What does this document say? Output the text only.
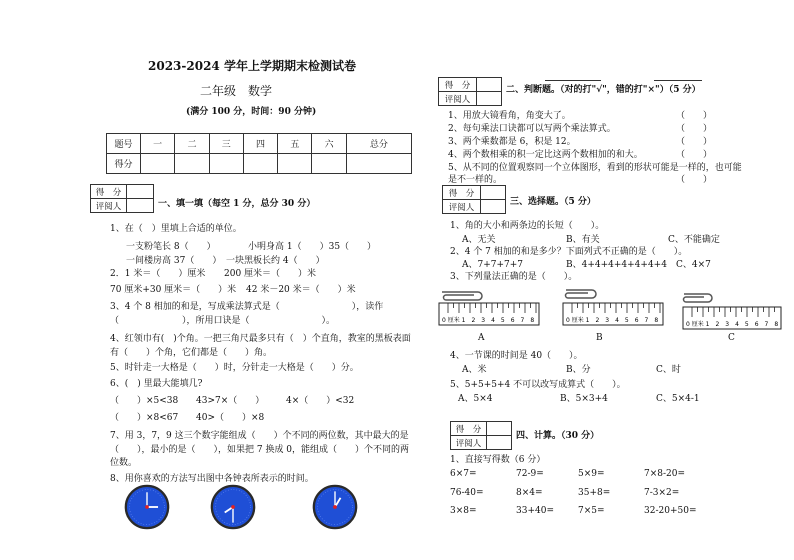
2023-2024 学年上学期期末检测试卷
二年级　数学
(满分 100 分，时间：90 分钟)
题号	一	二	三	四	五	六	总分
得分							
得　分	
评阅人		一、填一填（每空 1 分，总分 30 分）
1、在（　）里填上合适的单位。
一支粉笔长 8（　　）	小明身高 1（　　）35（　　）
一间楼房高 37（　　） 一块黑板长约 4（　　）
2．1 米＝（　　）厘米 200 厘米＝（　　）米
70 厘米+30 厘米＝（　　）米 42 米－20 米＝（　　）米
3、4 个 8 相加的和是，写成乘法算式是（　　　　　　　　），读作
（　　　　　　　），所用口诀是（　　　　　　　　）。
4、红领巾有(　)个角。一把三角尺最多只有（　）个直角，教室的黑板表面
有（　　）个角，它们都是（　　）角。
5、时针走一大格是（　　）时，分针走一大格是（　　）分。
6、(　) 里最大能填几?
（　　）×5<38 43>7×（　　） 4×（　　）<32
（　　）×8<67 40>（　　）×8
7、用 3，7，9 这三个数字能组成（　　）个不同的两位数，其中最大的是
（　　），最小的是（　　），如果把 7 换成 0，能组成（　　）个不同的两
位数。
8、用你喜欢的方法写出图中各钟表所表示的时间。
得　分	
评阅人	
二、判断题。（对的打"√"，错的打"×"）（5 分）
1、用放大镜看角，角变大了。	（　　）
2、每句乘法口诀都可以写两个乘法算式。	（　　）
3、两个乘数都是 6，积是 12。	（　　）
4、两个数相乘的积一定比这两个数相加的和大。	（　　）
5、从不同的位置观察同一个立体图形，看到的形状可能是一样的，也可能
是不一样的。	（　　）
得　分	
评阅人	
三、选择题。（5 分）
1、角的大小和两条边的长短（　　）。
A、无关	B、有关	C、不能确定
2、4 个 7 相加的和是多少？下面列式不正确的是（　　）。
A、7+7+7+7	B、4+4+4+4+4+4+4 C、4×7
3、下列量法正确的是（　　）。
0 厘米 1　2　3　4　5　6　7　8	0 厘米 1　2　3　4　5　6　7　8
0 厘米 1　2　3　4　5　6　7　8
A	B	C
4、一节课的时间是 40（　　）。
A、米	B、分	C、时
5、5+5+5+4 不可以改写成算式（　　）。
A、5×4	B、5×3+4	C、5×4-1
得　分	
评阅人	
四、计算。（30 分）
1、直接写得数（6 分）
6×7=	72-9=	5×9=	7×8-20=
76-40=	8×4=	35+8=	7-3×2=
3×8=	33+40=	7×5=	32-20+50=
